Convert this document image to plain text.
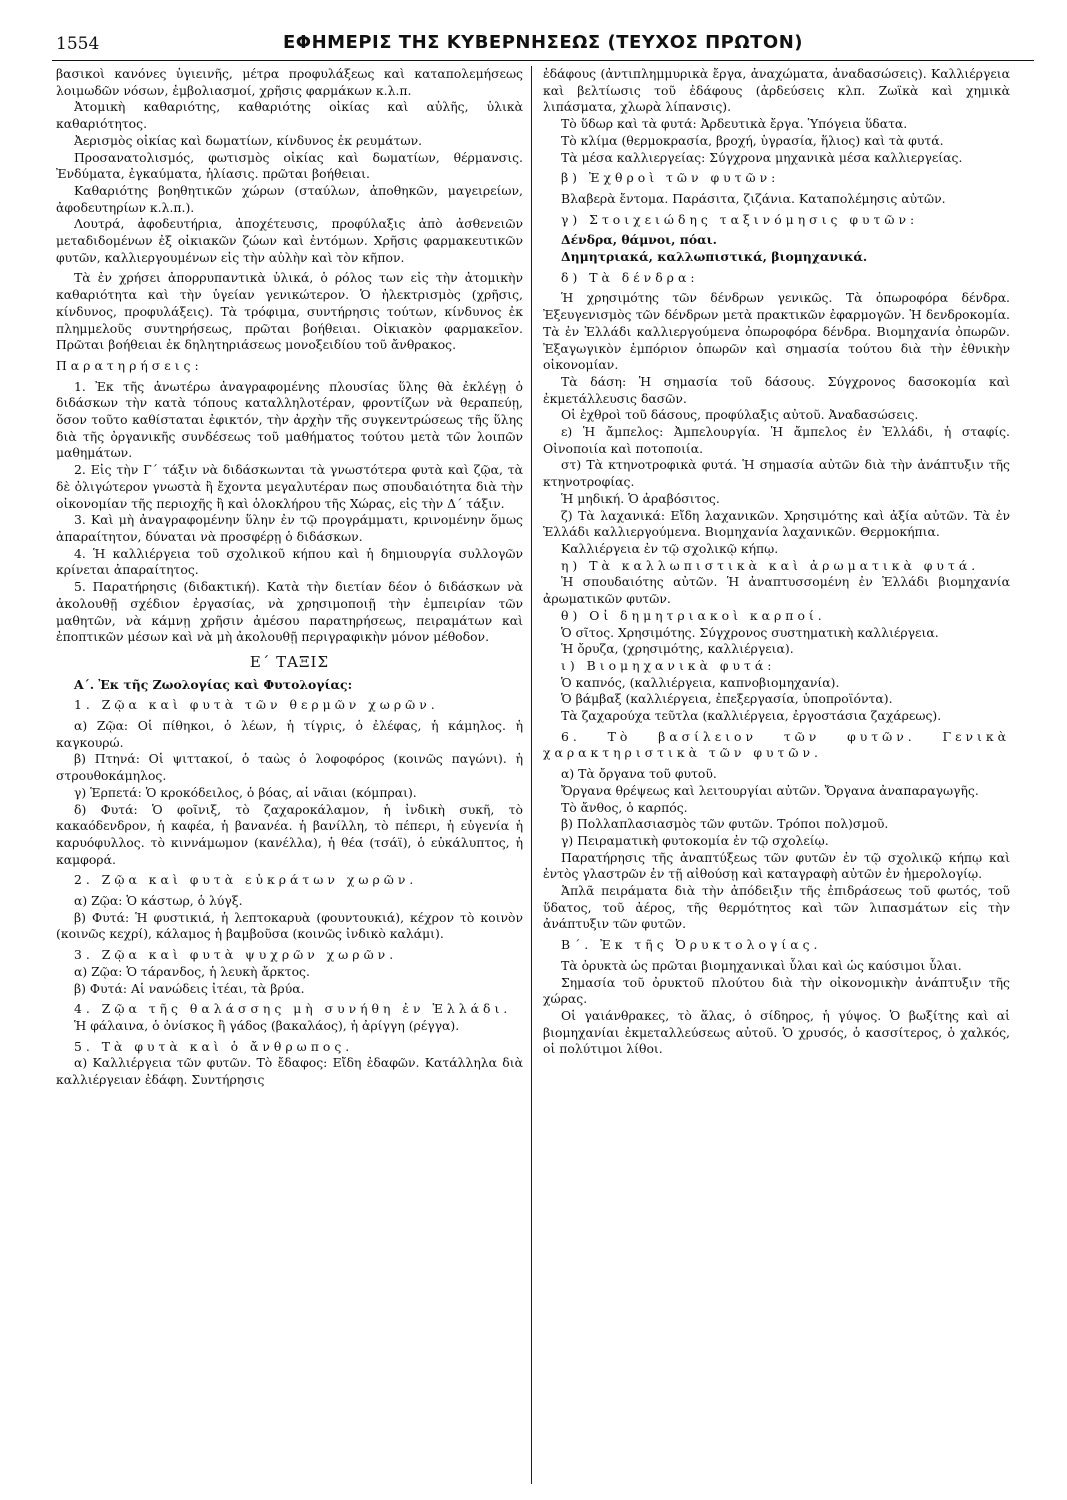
1554	ΕΦΗΜΕΡΙΣ ΤΗΣ ΚΥΒΕΡΝΗΣΕΩΣ (ΤΕΥΧΟΣ ΠΡΩΤΟΝ)

βασικοὶ κανόνες ὑγιεινῆς, μέτρα προφυλάξεως καὶ καταπολεμήσεως λοιμωδῶν νόσων, ἐμβολιασμοί, χρῆσις φαρμάκων κ.λ.π.

Ἀτομικὴ καθαριότης, καθαριότης οἰκίας καὶ αὐλῆς, ὑλικὰ καθαριότητος.

Ἀερισμὸς οἰκίας καὶ δωματίων, κίνδυνος ἐκ ρευμάτων.

Προσανατολισμός, φωτισμὸς οἰκίας καὶ δωματίων, θέρμανσις. Ἐνδύματα, ἐγκαύματα, ἡλίασις. πρῶται βοήθειαι.

Καθαριότης βοηθητικῶν χώρων (σταύλων, ἀποθηκῶν, μαγειρείων, ἀφοδευτηρίων κ.λ.π.).

Λουτρά, ἀφοδευτήρια, ἀποχέτευσις, προφύλαξις ἀπὸ ἀσθενειῶν μεταδιδομένων ἐξ οἰκιακῶν ζώων καὶ ἐντόμων. Χρῆσις φαρμακευτικῶν φυτῶν, καλλιεργουμένων εἰς τὴν αὐλὴν καὶ τὸν κῆπον.

Τὰ ἐν χρήσει ἀπορρυπαντικὰ ὑλικά, ὁ ρόλος των εἰς τὴν ἀτομικὴν καθαριότητα καὶ τὴν ὑγείαν γενικώτερον. Ὁ ἠλεκτρισμὸς (χρῆσις, κίνδυνος, προφυλάξεις). Τὰ τρόφιμα, συντήρησις τούτων, κίνδυνος ἐκ πλημμελοῦς συντηρήσεως, πρῶται βοήθειαι. Οἰκιακὸν φαρμακεῖον. Πρῶται βοήθειαι ἐκ δηλητηριάσεως μονοξειδίου τοῦ ἄνθρακος.

Παρατηρήσεις:

1. Ἐκ τῆς ἀνωτέρω ἀναγραφομένης πλουσίας ὕλης θὰ ἐκλέγῃ ὁ διδάσκων τὴν κατὰ τόπους καταλληλοτέραν, φροντίζων νὰ θεραπεύῃ, ὅσον τοῦτο καθίσταται ἐφικτόν, τὴν ἀρχὴν τῆς συγκεντρώσεως τῆς ὕλης διὰ τῆς ὀργανικῆς συνδέσεως τοῦ μαθήματος τούτου μετὰ τῶν λοιπῶν μαθημάτων.

2. Εἰς τὴν Γ΄ τάξιν νὰ διδάσκωνται τὰ γνωστότερα φυτὰ καὶ ζῷα, τὰ δὲ ὀλιγώτερον γνωστὰ ἢ ἔχοντα μεγαλυτέραν πως σπουδαιότητα διὰ τὴν οἰκονομίαν τῆς περιοχῆς ἢ καὶ ὁλοκλήρου τῆς Χώρας, εἰς τὴν Δ΄ τάξιν.

3. Καὶ μὴ ἀναγραφομένην ὕλην ἐν τῷ προγράμματι, κρινομένην ὅμως ἀπαραίτητον, δύναται νὰ προσφέρῃ ὁ διδάσκων.

4. Ἡ καλλιέργεια τοῦ σχολικοῦ κήπου καὶ ἡ δημιουργία συλλογῶν κρίνεται ἀπαραίτητος.

5. Παρατήρησις (διδακτική). Κατὰ τὴν διετίαν δέον ὁ διδάσκων νὰ ἀκολουθῇ σχέδιον ἐργασίας, νὰ χρησιμοποιῇ τὴν ἐμπειρίαν τῶν μαθητῶν, νὰ κάμνῃ χρῆσιν ἀμέσου παρατηρήσεως, πειραμάτων καὶ ἐποπτικῶν μέσων καὶ νὰ μὴ ἀκολουθῇ περιγραφικὴν μόνον μέθοδον.

Ε΄ ΤΑΞΙΣ

Α΄. Ἐκ τῆς Ζωολογίας καὶ Φυτολογίας:

1. Ζῷα καὶ φυτὰ τῶν θερμῶν χωρῶν.

α) Ζῷα: Οἱ πίθηκοι, ὁ λέων, ἡ τίγρις, ὁ ἐλέφας, ἡ κάμηλος. ἡ καγκουρώ.

β) Πτηνά: Οἱ ψιττακοί, ὁ ταὼς ὁ λοφοφόρος (κοινῶς παγώνι). ἡ στρουθοκάμηλος.

γ) Ἑρπετά: Ὁ κροκόδειλος, ὁ βόας, αἱ νᾶιαι (κόμπραι).

δ) Φυτά: Ὁ φοῖνιξ, τὸ ζαχαροκάλαμον, ἡ ἰνδικὴ συκῆ, τὸ κακαόδενδρον, ἡ καφέα, ἡ βανανέα. ἡ βανίλλη, τὸ πέπερι, ἡ εὐγενία ἡ καρυόφυλλος. τὸ κιννάμωμον (κανέλλα), ἡ θέα (τσάϊ), ὁ εὐκάλυπτος, ἡ καμφορά.

2. Ζῷα καὶ φυτὰ εὐκράτων χωρῶν.

α) Ζῷα: Ὁ κάστωρ, ὁ λύγξ.

β) Φυτά: Ἡ φυστικιά, ἡ λεπτοκαρυὰ (φουντουκιά), κέχρον τὸ κοινὸν (κοινῶς κεχρί), κάλαμος ἡ βαμβοῦσα (κοινῶς ἰνδικὸ καλάμι).

3. Ζῷα καὶ φυτὰ ψυχρῶν χωρῶν.

α) Ζῷα: Ὁ τάρανδος, ἡ λευκὴ ἄρκτος.

β) Φυτά: Αἱ νανώδεις ἰτέαι, τὰ βρύα.

4. Ζῷα τῆς θαλάσσης μὴ συνήθη ἐν Ἑλλάδι.

Ἡ φάλαινα, ὁ ὀνίσκος ἢ γάδος (βακαλάος), ἡ ἀρίγγη (ρέγγα).

5. Τὰ φυτὰ καὶ ὁ ἄνθρωπος.

α) Καλλιέργεια τῶν φυτῶν. Τὸ ἔδαφος: Εἴδη ἐδαφῶν. Κατάλληλα διὰ καλλιέργειαν ἐδάφη. Συντήρησις

ἐδάφους (ἀντιπλημμυρικὰ ἔργα, ἀναχώματα, ἀναδασώσεις). Καλλιέργεια καὶ βελτίωσις τοῦ ἐδάφους (ἀρδεύσεις κλπ. Ζωϊκὰ καὶ χημικὰ λιπάσματα, χλωρὰ λίπανσις).

Τὸ ὕδωρ καὶ τὰ φυτά: Ἀρδευτικὰ ἔργα. Ὑπόγεια ὕδατα.

Τὸ κλίμα (θερμοκρασία, βροχή, ὑγρασία, ἥλιος) καὶ τὰ φυτά.

Τὰ μέσα καλλιεργείας: Σύγχρονα μηχανικὰ μέσα καλλιεργείας.

β) Ἐχθροὶ τῶν φυτῶν:

Βλαβερὰ ἔντομα. Παράσιτα, ζιζάνια. Καταπολέμησις αὐτῶν.

γ) Στοιχειώδης ταξινόμησις φυτῶν:

Δένδρα, θάμνοι, πόαι.

Δημητριακά, καλλωπιστικά, βιομηχανικά.

δ) Τὰ δένδρα:

Ἡ χρησιμότης τῶν δένδρων γενικῶς. Τὰ ὀπωροφόρα δένδρα. Ἐξευγενισμὸς τῶν δένδρων μετὰ πρακτικῶν ἐφαρμογῶν. Ἡ δενδροκομία. Τὰ ἐν Ἑλλάδι καλλιεργούμενα ὀπωροφόρα δένδρα. Βιομηχανία ὀπωρῶν. Ἐξαγωγικὸν ἐμπόριον ὀπωρῶν καὶ σημασία τούτου διὰ τὴν ἐθνικὴν οἰκονομίαν.

Τὰ δάση: Ἡ σημασία τοῦ δάσους. Σύγχρονος δασοκομία καὶ ἐκμετάλλευσις δασῶν.

Οἱ ἐχθροὶ τοῦ δάσους, προφύλαξις αὐτοῦ. Ἀναδασώσεις.

ε) Ἡ ἄμπελος: Ἀμπελουργία. Ἡ ἄμπελος ἐν Ἑλλάδι, ἡ σταφίς. Οἰνοποιία καὶ ποτοποιία.

στ) Τὰ κτηνοτροφικὰ φυτά. Ἡ σημασία αὐτῶν διὰ τὴν ἀνάπτυξιν τῆς κτηνοτροφίας.

Ἡ μηδική. Ὁ ἀραβόσιτος.

ζ) Τὰ λαχανικά: Εἴδη λαχανικῶν. Χρησιμότης καὶ ἀξία αὐτῶν. Τὰ ἐν Ἑλλάδι καλλιεργούμενα. Βιομηχανία λαχανικῶν. Θερμοκήπια.

Καλλιέργεια ἐν τῷ σχολικῷ κήπῳ.

η) Τὰ καλλωπιστικὰ καὶ ἀρωματικὰ φυτά.

Ἡ σπουδαιότης αὐτῶν. Ἡ ἀναπτυσσομένη ἐν Ἑλλάδι βιομηχανία ἀρωματικῶν φυτῶν.

θ) Οἱ δημητριακοὶ καρποί.

Ὁ σῖτος. Χρησιμότης. Σύγχρονος συστηματικὴ καλλιέργεια.

Ἡ ὄρυζα, (χρησιμότης, καλλιέργεια).

ι) Βιομηχανικὰ φυτά:

Ὁ καπνός, (καλλιέργεια, καπνοβιομηχανία).

Ὁ βάμβαξ (καλλιέργεια, ἐπεξεργασία, ὑποπροϊόντα).

Τὰ ζαχαρούχα τεῦτλα (καλλιέργεια, ἐργοστάσια ζαχάρεως).

6. Τὸ βασίλειον τῶν φυτῶν. Γενικὰ χαρακτηριστικὰ τῶν φυτῶν.

α) Τὰ ὄργανα τοῦ φυτοῦ.

Ὄργανα θρέψεως καὶ λειτουργίαι αὐτῶν. Ὄργανα ἀναπαραγωγῆς.

Τὸ ἄνθος, ὁ καρπός.

β) Πολλαπλασιασμὸς τῶν φυτῶν. Τρόποι πολ)σμοῦ.

γ) Πειραματικὴ φυτοκομία ἐν τῷ σχολείῳ.

Παρατήρησις τῆς ἀναπτύξεως τῶν φυτῶν ἐν τῷ σχολικῷ κήπῳ καὶ ἐντὸς γλαστρῶν ἐν τῇ αἰθούσῃ καὶ καταγραφὴ αὐτῶν ἐν ἡμερολογίῳ.

Ἁπλᾶ πειράματα διὰ τὴν ἀπόδειξιν τῆς ἐπιδράσεως τοῦ φωτός, τοῦ ὕδατος, τοῦ ἀέρος, τῆς θερμότητος καὶ τῶν λιπασμάτων εἰς τὴν ἀνάπτυξιν τῶν φυτῶν.

Β΄. Ἐκ τῆς Ὀρυκτολογίας.

Τὰ ὀρυκτὰ ὡς πρῶται βιομηχανικαὶ ὗλαι καὶ ὡς καύσιμοι ὗλαι.

Σημασία τοῦ ὀρυκτοῦ πλούτου διὰ τὴν οἰκονομικὴν ἀνάπτυξιν τῆς χώρας.

Οἱ γαιάνθρακες, τὸ ἅλας, ὁ σίδηρος, ἡ γύψος. Ὁ βωξίτης καὶ αἱ βιομηχανίαι ἐκμεταλλεύσεως αὐτοῦ. Ὁ χρυσός, ὁ κασσίτερος, ὁ χαλκός, οἱ πολύτιμοι λίθοι.
